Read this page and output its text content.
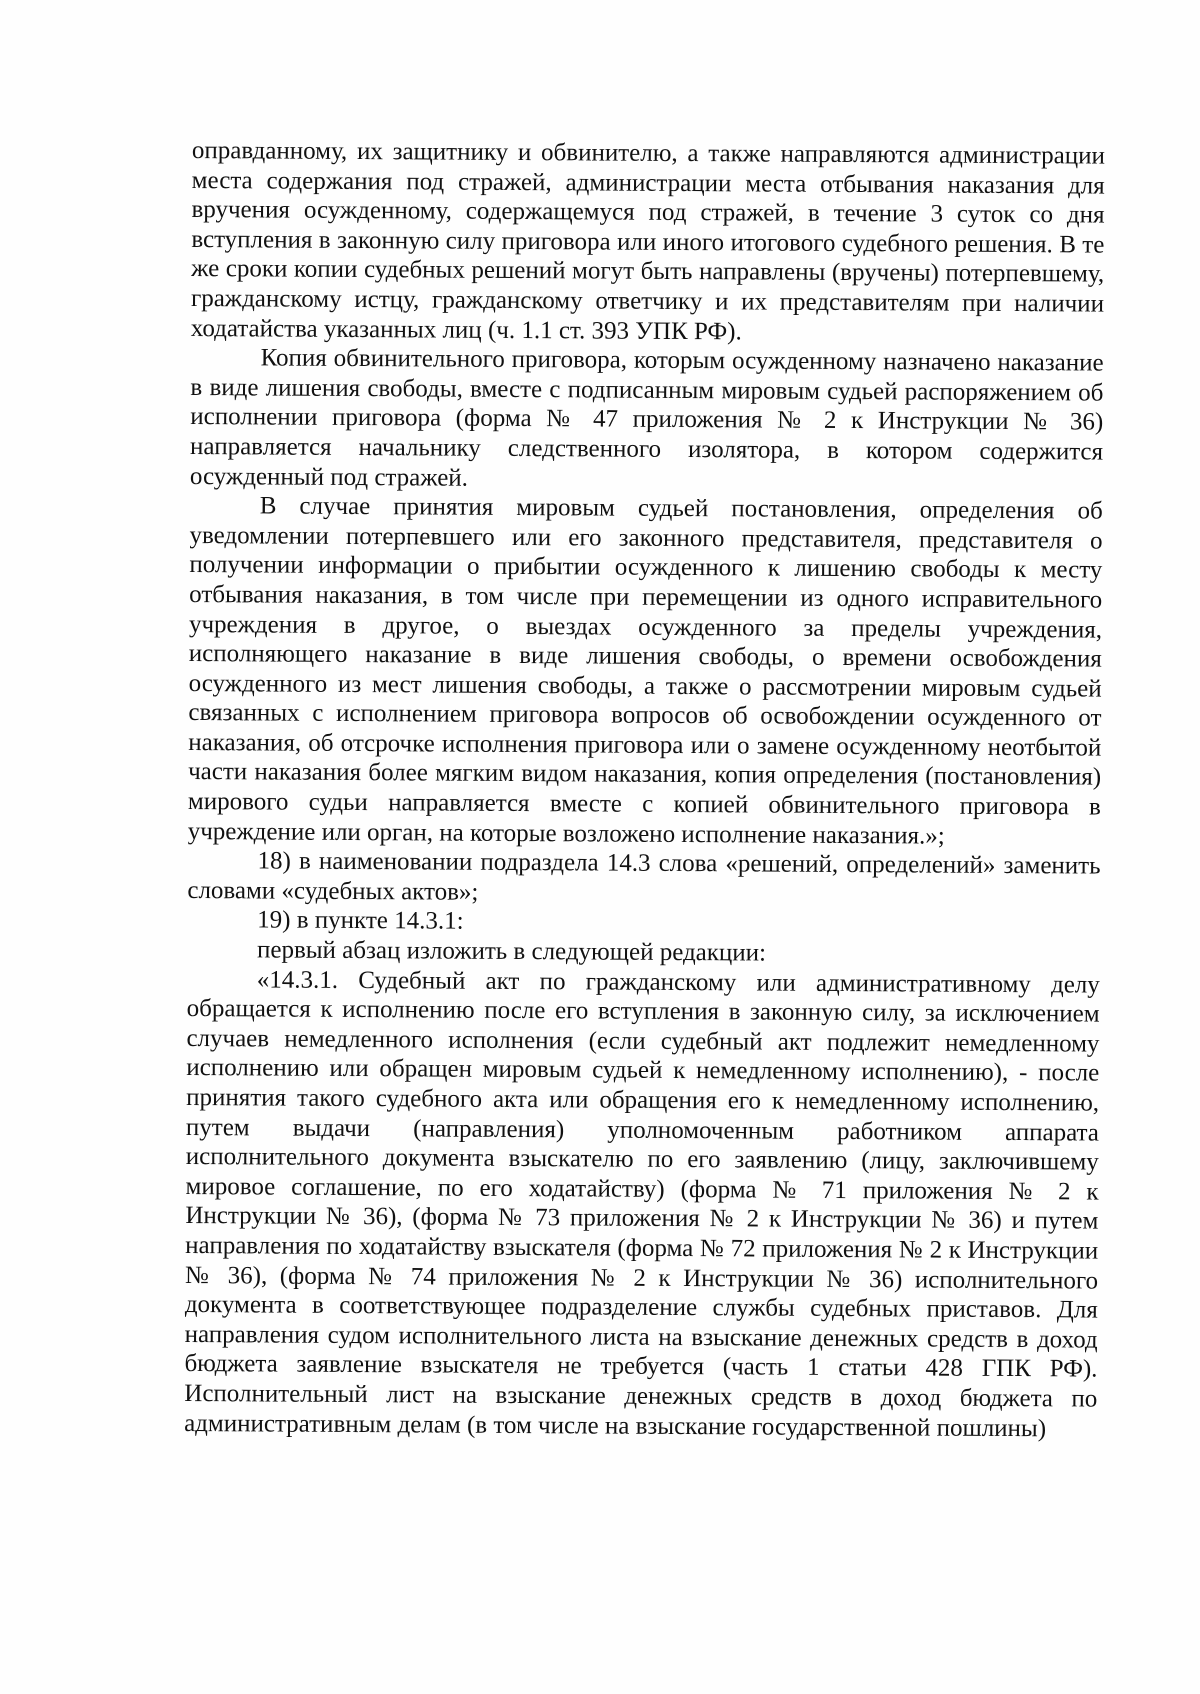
оправданному, их защитнику и обвинителю, а также направляются администрации места содержания под стражей, администрации места отбывания наказания для вручения осужденному, содержащемуся под стражей, в течение 3 суток со дня вступления в законную силу приговора или иного итогового судебного решения. В те же сроки копии судебных решений могут быть направлены (вручены) потерпевшему, гражданскому истцу, гражданскому ответчику и их представителям при наличии ходатайства указанных лиц (ч. 1.1 ст. 393 УПК РФ).

Копия обвинительного приговора, которым осужденному назначено наказание в виде лишения свободы, вместе с подписанным мировым судьей распоряжением об исполнении приговора (форма № 47 приложения № 2 к Инструкции № 36) направляется начальнику следственного изолятора, в котором содержится осужденный под стражей.

В случае принятия мировым судьей постановления, определения об уведомлении потерпевшего или его законного представителя, представителя о получении информации о прибытии осужденного к лишению свободы к месту отбывания наказания, в том числе при перемещении из одного исправительного учреждения в другое, о выездах осужденного за пределы учреждения, исполняющего наказание в виде лишения свободы, о времени освобождения осужденного из мест лишения свободы, а также о рассмотрении мировым судьей связанных с исполнением приговора вопросов об освобождении осужденного от наказания, об отсрочке исполнения приговора или о замене осужденному неотбытой части наказания более мягким видом наказания, копия определения (постановления) мирового судьи направляется вместе с копией обвинительного приговора в учреждение или орган, на которые возложено исполнение наказания.»;

18) в наименовании подраздела 14.3 слова «решений, определений» заменить словами «судебных актов»;

19) в пункте 14.3.1:

первый абзац изложить в следующей редакции:

«14.3.1. Судебный акт по гражданскому или административному делу обращается к исполнению после его вступления в законную силу, за исключением случаев немедленного исполнения (если судебный акт подлежит немедленному исполнению или обращен мировым судьей к немедленному исполнению), - после принятия такого судебного акта или обращения его к немедленному исполнению, путем выдачи (направления) уполномоченным работником аппарата исполнительного документа взыскателю по его заявлению (лицу, заключившему мировое соглашение, по его ходатайству) (форма № 71 приложения № 2 к Инструкции № 36), (форма № 73 приложения № 2 к Инструкции № 36) и путем направления по ходатайству взыскателя (форма № 72 приложения № 2 к Инструкции № 36), (форма № 74 приложения № 2 к Инструкции № 36) исполнительного документа в соответствующее подразделение службы судебных приставов. Для направления судом исполнительного листа на взыскание денежных средств в доход бюджета заявление взыскателя не требуется (часть 1 статьи 428 ГПК РФ). Исполнительный лист на взыскание денежных средств в доход бюджета по административным делам (в том числе на взыскание государственной пошлины)
